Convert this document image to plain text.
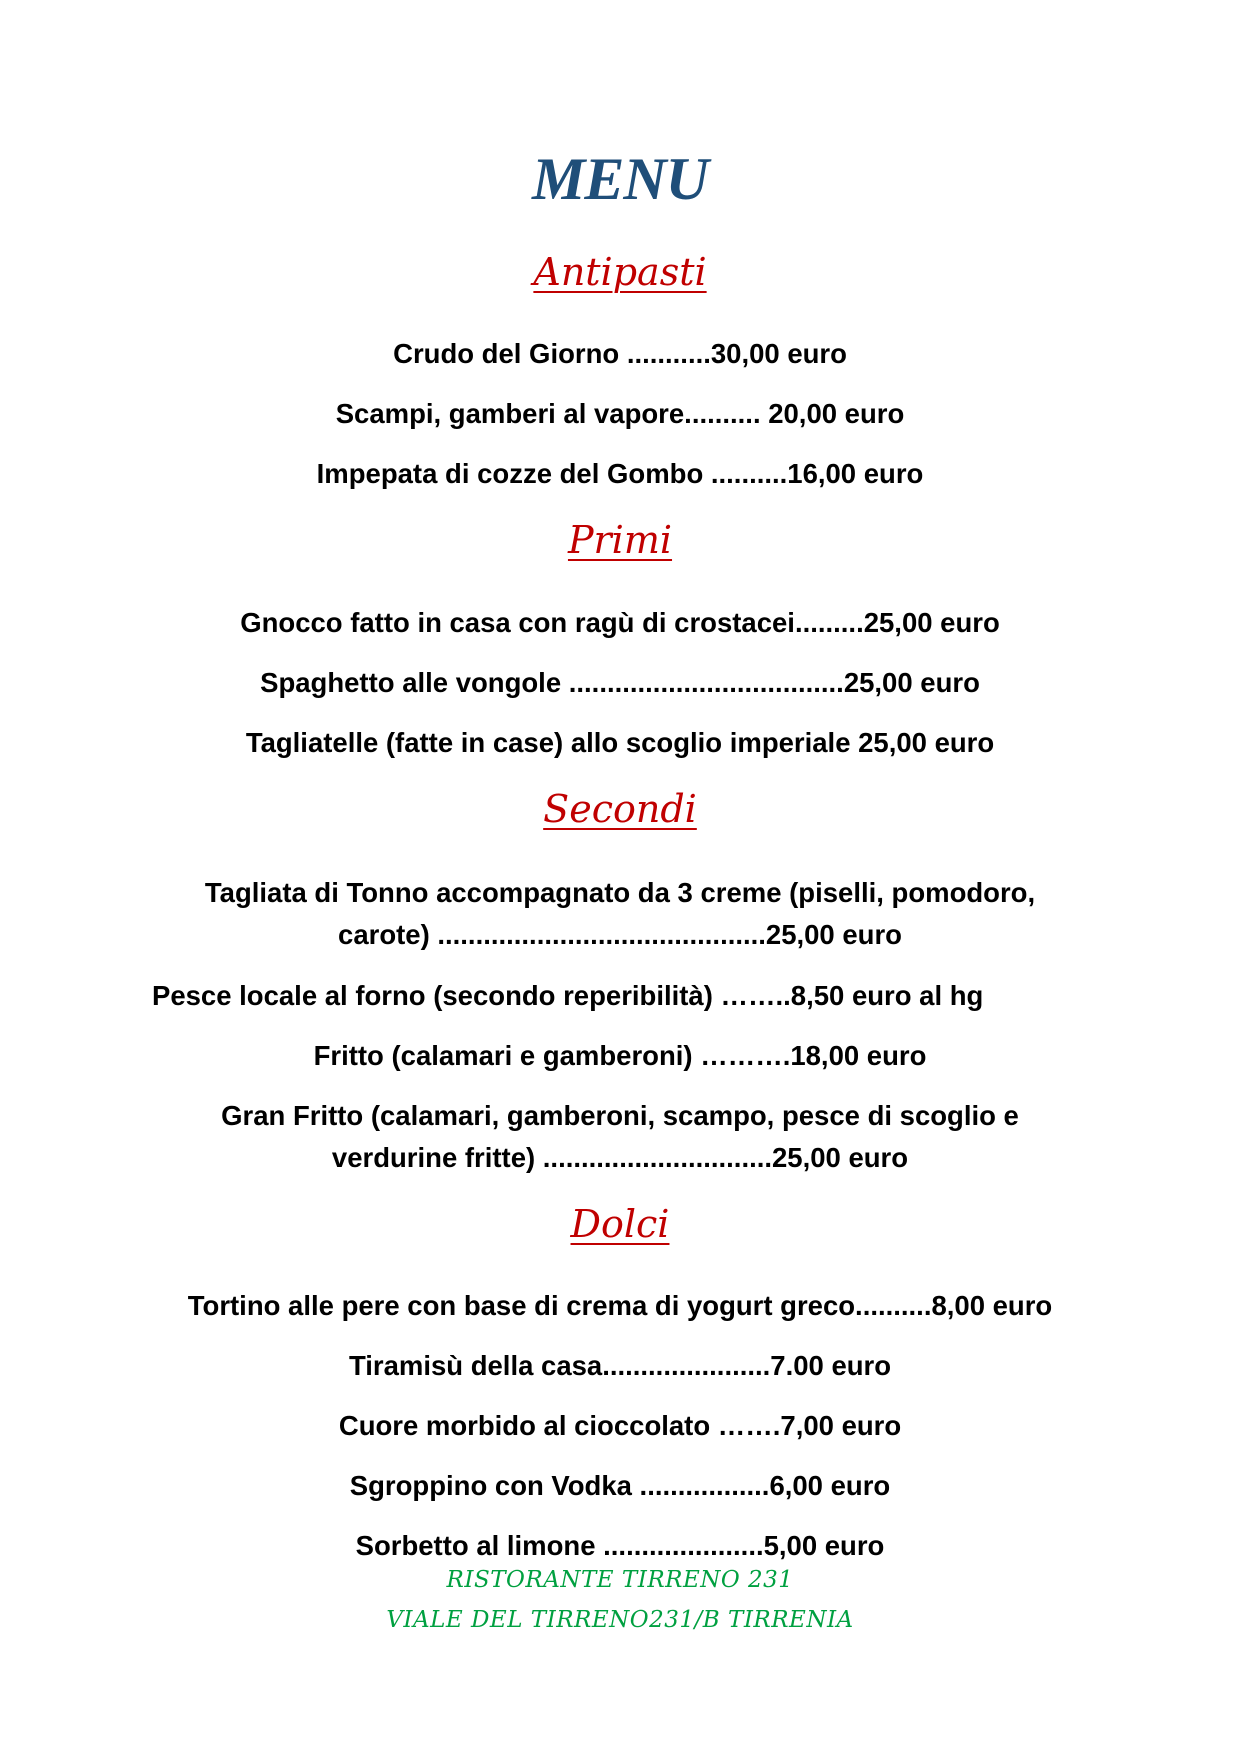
MENU
Antipasti
Crudo del Giorno ...........30,00 euro
Scampi, gamberi al vapore.......... 20,00 euro
Impepata di cozze del Gombo ..........16,00 euro
Primi
Gnocco fatto in casa con ragù di crostacei.........25,00 euro
Spaghetto alle vongole ....................................25,00 euro
Tagliatelle (fatte in case) allo scoglio imperiale 25,00 euro
Secondi
Tagliata di Tonno accompagnato da 3 creme (piselli, pomodoro,
carote) ...........................................25,00 euro
Pesce locale al forno (secondo reperibilità) ……..8,50 euro al hg
Fritto (calamari e gamberoni) ……….18,00 euro
Gran Fritto (calamari, gamberoni, scampo, pesce di scoglio e
verdurine fritte) ..............................25,00 euro
Dolci
Tortino alle pere con base di crema di yogurt greco..........8,00 euro
Tiramisù della casa......................7.00 euro
Cuore morbido al cioccolato …….7,00 euro
Sgroppino con Vodka .................6,00 euro
Sorbetto al limone .....................5,00 euro
RISTORANTE TIRRENO 231
VIALE DEL TIRRENO231/B TIRRENIA
